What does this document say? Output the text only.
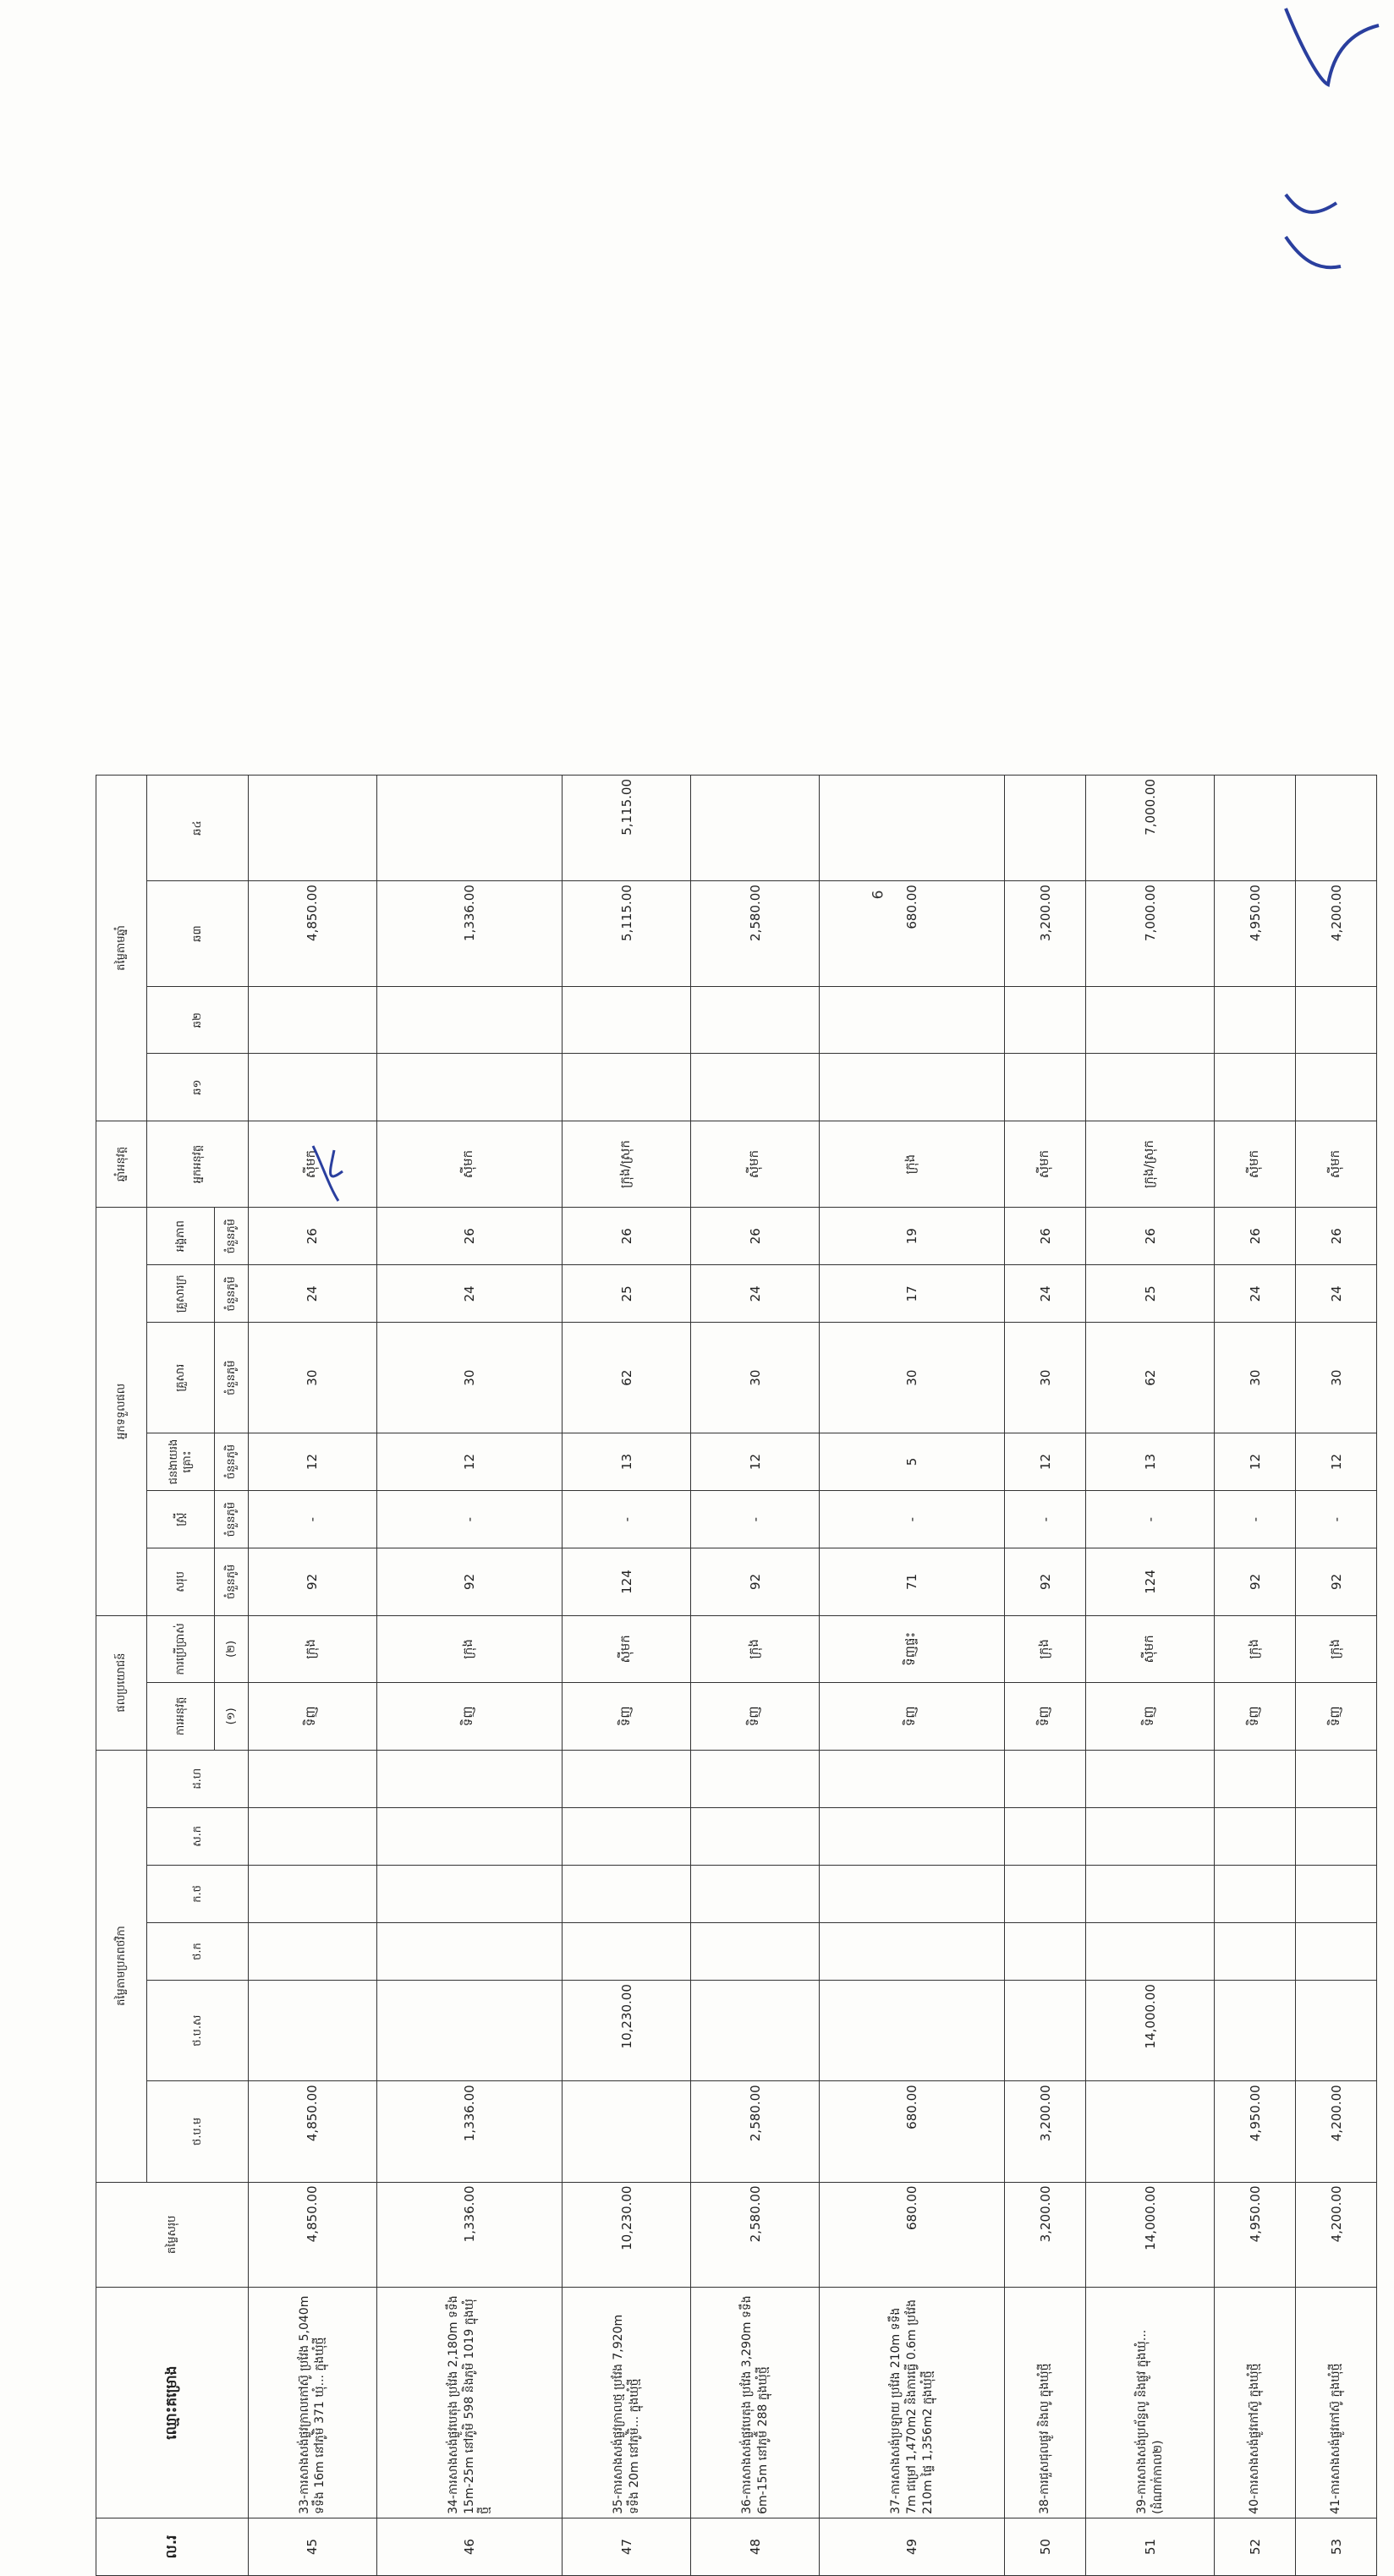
ល.រ	ឈ្មោះគម្រោង	តម្លៃសរុប	តម្លៃតាមប្រភពថវិកា						ផលប្រយោជន៍		អ្នកទទួលផល						ឆ្នាំអនុវត្ត	តម្លៃតាមឆ្នាំ			
			ថ.ប.ម	ថ.ប.ស	ថ.ក	ក.ថ	ស.ក	ដ.ហ	ការអនុវត្ត	ការប្រើប្រាស់	សរុប	ស្ត្រី	ជនងាយរងគ្រោះ	គ្រួសារ	គ្រួសារក្រ	អង្គភាព	អ្នកអនុវត្ត	ឆ១	ឆ២	ឆ៣	ឆ៤
									(១)	(២)	ចំនួនភូមិ	ចំនួនភូមិ	ចំនួនភូមិ	ចំនួនភូមិ	ចំនួនភូមិ	ចំនួនភូមិ					
45	33-ការសាងសង់ផ្លូវក្រាលកៅស៊ូ ប្រវែង 5,040m ទទឹង 16m នៅភូមិ 371 ឃុំ... ក្នុងឃុំថ្មី	4,850.00	4,850.00						ទិញ	ក្រុង	92	-	12	30	24	26	ស៊ីមក			4,850.00	
46	34-ការសាងសង់ផ្លូវបេតុង ប្រវែង 2,180m ទទឹង 15m-25m នៅភូមិ 598 និងភូមិ 1019 ក្នុងឃុំថ្មី	1,336.00	1,336.00						ទិញ	ក្រុង	92	-	12	30	24	26	ស៊ីមក			1,336.00	
47	35-ការសាងសង់ផ្លូវក្រាលថ្ម ប្រវែង 7,920m ទទឹង 20m នៅភូមិ... ក្នុងឃុំថ្មី	10,230.00		10,230.00					ទិញ	ស៊ីមក	124	-	13	62	25	26	ក្រុង/ស្រុក			5,115.00	5,115.00
48	36-ការសាងសង់ផ្លូវបេតុង ប្រវែង 3,290m ទទឹង 6m-15m នៅភូមិ 288 ក្នុងឃុំថ្មី	2,580.00	2,580.00						ទិញ	ក្រុង	92	-	12	30	24	26	ស៊ីមក			2,580.00	
49	37-ការសាងសង់ប្រឡាយ ប្រវែង 210m ទទឹង 7m ជម្រៅ 1,470m2 និងការធ្វើ 0.6m ប្រវែង 210m ផ្ទៃ 1,356m2 ក្នុងឃុំថ្មី	680.00	680.00						ទិញ	ទិញផ្ទះ	71	-	5	30	17	19	ក្រុង			680.00	
50	38-ការជួសជុលផ្លូវ និងលូ ក្នុងឃុំថ្មី	3,200.00	3,200.00						ទិញ	ក្រុង	92	-	12	30	24	26	ស៊ីមក			3,200.00	
51	39-ការសាងសង់ប្រព័ន្ធលូ និងផ្លូវ ក្នុងឃុំ... (ដំណាក់កាល២)	14,000.00		14,000.00					ទិញ	ស៊ីមក	124	-	13	62	25	26	ក្រុង/ស្រុក			7,000.00	7,000.00
52	40-ការសាងសង់ផ្លូវកៅស៊ូ ក្នុងឃុំថ្មី	4,950.00	4,950.00						ទិញ	ក្រុង	92	-	12	30	24	26	ស៊ីមក			4,950.00	
53	41-ការសាងសង់ផ្លូវកៅស៊ូ ក្នុងឃុំថ្មី	4,200.00	4,200.00						ទិញ	ក្រុង	92	-	12	30	24	26	ស៊ីមក			4,200.00	
6
